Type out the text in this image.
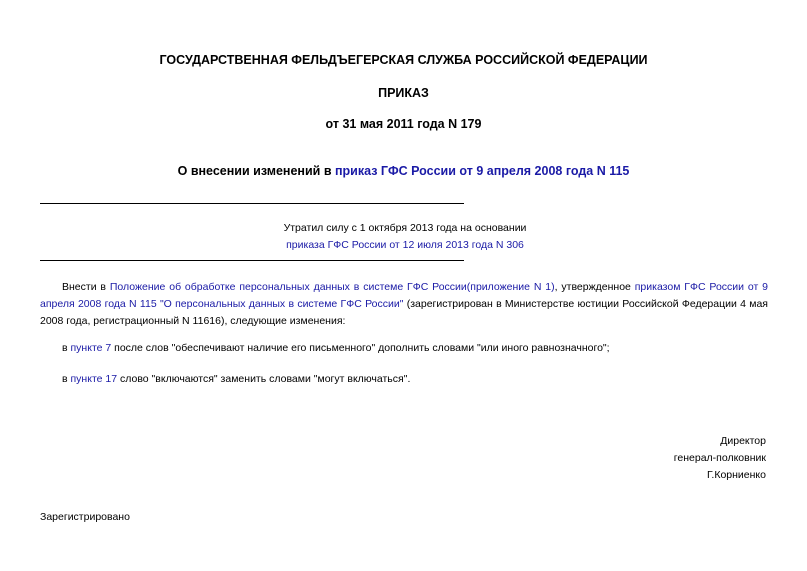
ГОСУДАРСТВЕННАЯ ФЕЛЬДЪЕГЕРСКАЯ СЛУЖБА РОССИЙСКОЙ ФЕДЕРАЦИИ
ПРИКАЗ
от 31 мая 2011 года N 179
О внесении изменений в приказ ГФС России от 9 апреля 2008 года N 115
Утратил силу с 1 октября 2013 года на основании
приказа ГФС России от 12 июля 2013 года N 306
Внести в Положение об обработке персональных данных в системе ГФС России(приложение N 1), утвержденное приказом ГФС России от 9 апреля 2008 года N 115 "О персональных данных в системе ГФС России" (зарегистрирован в Министерстве юстиции Российской Федерации 4 мая 2008 года, регистрационный N 11616), следующие изменения:
в пункте 7 после слов "обеспечивают наличие его письменного" дополнить словами "или иного равнозначного";
в пункте 17 слово "включаются" заменить словами "могут включаться".
Директор
генерал-полковник
Г.Корниенко
Зарегистрировано
